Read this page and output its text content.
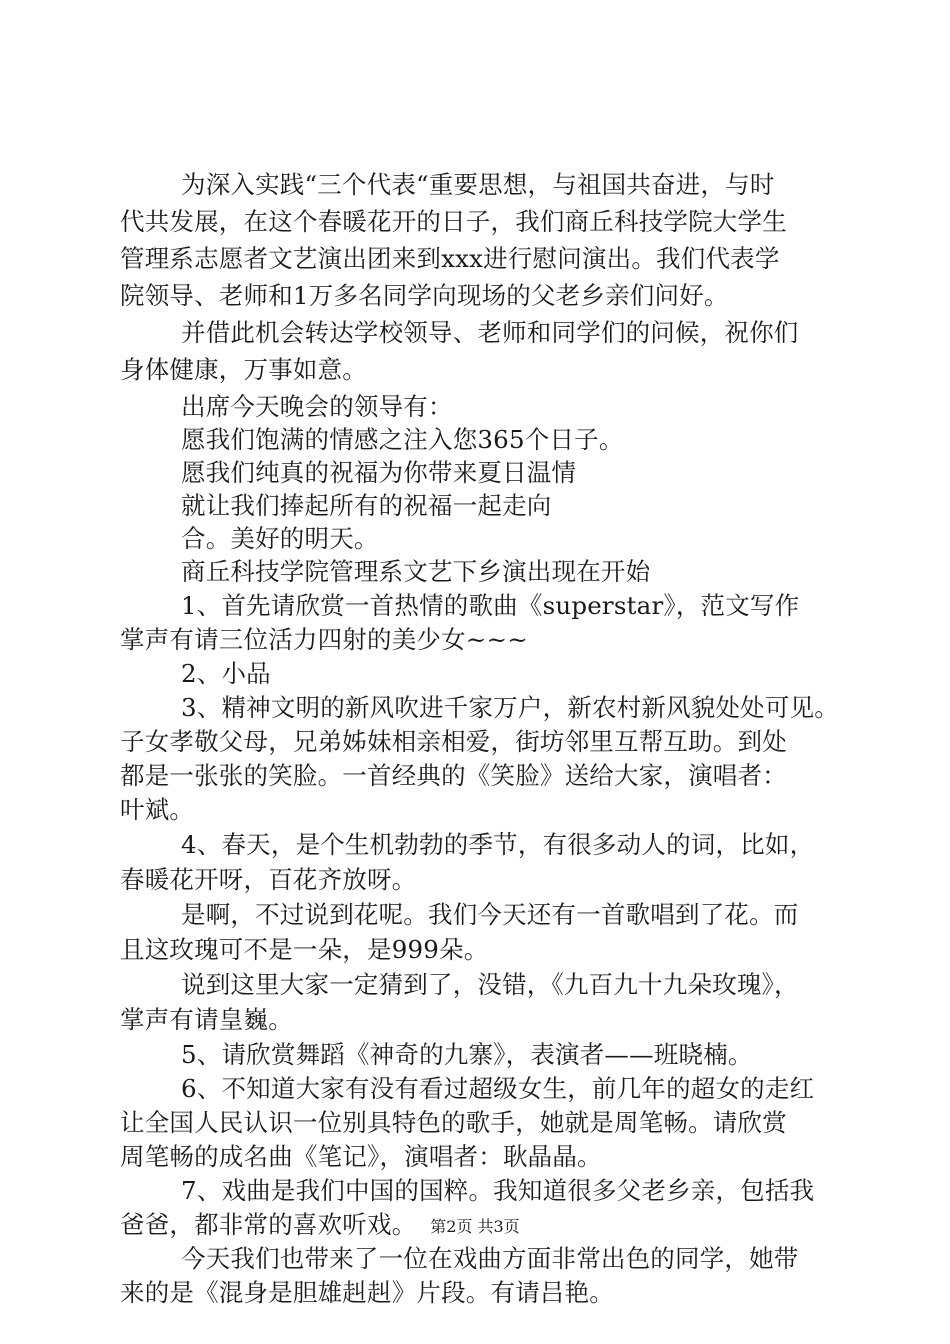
为深入实践“三个代表“重要思想，与祖国共奋进，与时
代共发展，在这个春暖花开的日子，我们商丘科技学院大学生
管理系志愿者文艺演出团来到xxx进行慰问演出。我们代表学
院领导、老师和1万多名同学向现场的父老乡亲们问好。
并借此机会转达学校领导、老师和同学们的问候，祝你们
身体健康，万事如意。
出席今天晚会的领导有：
愿我们饱满的情感之注入您365个日子。
愿我们纯真的祝福为你带来夏日温情
就让我们捧起所有的祝福一起走向
合。美好的明天。
商丘科技学院管理系文艺下乡演出现在开始
1、首先请欣赏一首热情的歌曲《superstar》，范文写作
掌声有请三位活力四射的美少女~~~
2、小品
3、精神文明的新风吹进千家万户，新农村新风貌处处可见。
子女孝敬父母，兄弟姊妹相亲相爱，街坊邻里互帮互助。到处
都是一张张的笑脸。一首经典的《笑脸》送给大家，演唱者：
叶斌。
4、春天，是个生机勃勃的季节，有很多动人的词，比如，
春暖花开呀，百花齐放呀。
是啊，不过说到花呢。我们今天还有一首歌唱到了花。而
且这玫瑰可不是一朵，是999朵。
说到这里大家一定猜到了，没错，《九百九十九朵玫瑰》，
掌声有请皇巍。
5、请欣赏舞蹈《神奇的九寨》，表演者——班晓楠。
6、不知道大家有没有看过超级女生，前几年的超女的走红
让全国人民认识一位别具特色的歌手，她就是周笔畅。请欣赏
周笔畅的成名曲《笔记》，演唱者：耿晶晶。
7、戏曲是我们中国的国粹。我知道很多父老乡亲，包括我
爸爸，都非常的喜欢听戏。
今天我们也带来了一位在戏曲方面非常出色的同学，她带
来的是《混身是胆雄赳赳》片段。有请吕艳。
第2页 共3页
